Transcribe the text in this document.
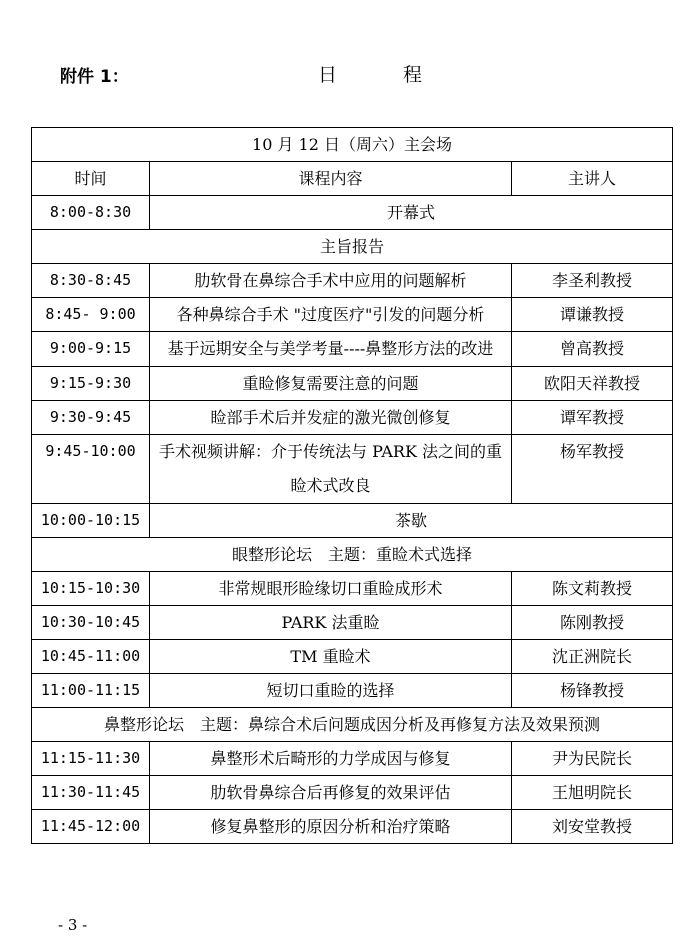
附件 1：	日 程
10 月 12 日（周六）主会场		
时间	课程内容	主讲人
8:00-8:30	开幕式	
主旨报告		
8:30-8:45	肋软骨在鼻综合手术中应用的问题解析	李圣利教授
8:45- 9:00	各种鼻综合手术 "过度医疗"引发的问题分析	谭谦教授
9:00-9:15	基于远期安全与美学考量----鼻整形方法的改进	曾高教授
9:15-9:30	重睑修复需要注意的问题	欧阳天祥教授
9:30-9:45	睑部手术后并发症的激光微创修复	谭军教授
9:45-10:00	手术视频讲解：介于传统法与 PARK 法之间的重睑术式改良	杨军教授
10:00-10:15	茶歇	
眼整形论坛　主题：重睑术式选择		
10:15-10:30	非常规眼形睑缘切口重睑成形术	陈文莉教授
10:30-10:45	PARK 法重睑	陈刚教授
10:45-11:00	TM 重睑术	沈正洲院长
11:00-11:15	短切口重睑的选择	杨锋教授
鼻整形论坛　主题：鼻综合术后问题成因分析及再修复方法及效果预测		
11:15-11:30	鼻整形术后畸形的力学成因与修复	尹为民院长
11:30-11:45	肋软骨鼻综合后再修复的效果评估	王旭明院长
11:45-12:00	修复鼻整形的原因分析和治疗策略	刘安堂教授
- 3 -
